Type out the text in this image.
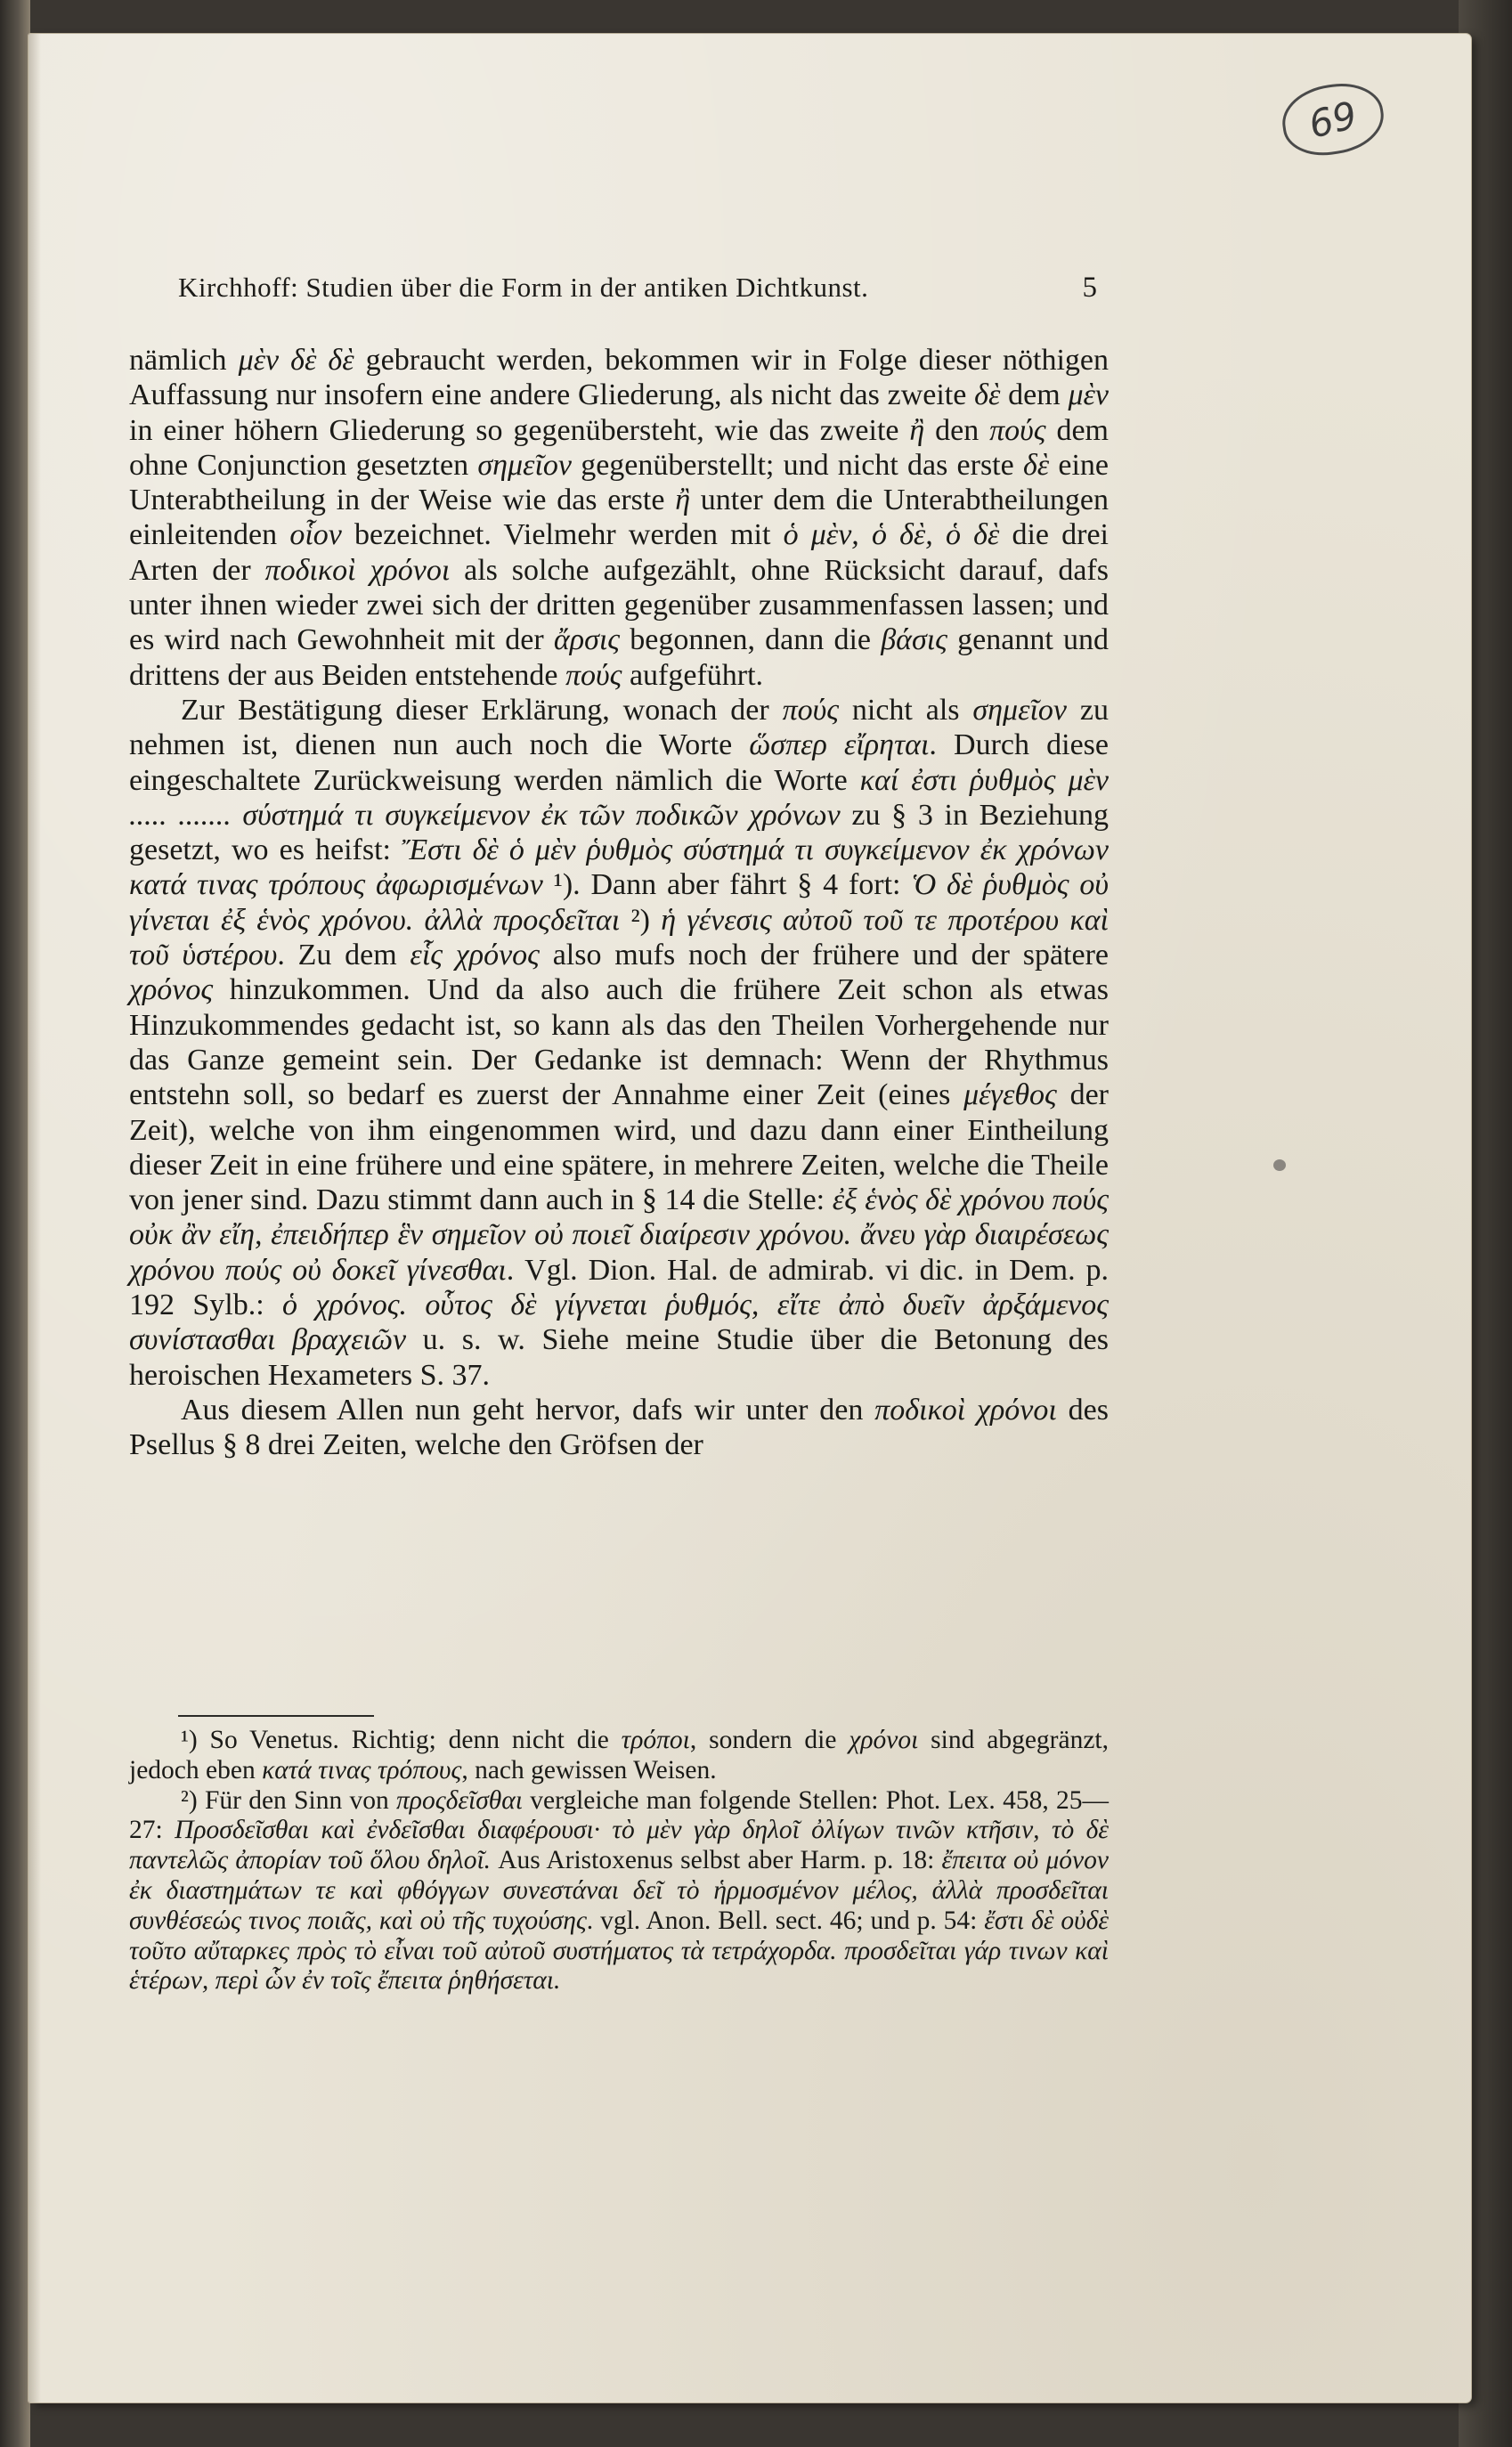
69
Kirchhoff: Studien über die Form in der antiken Dichtkunst.	5

nämlich μὲν δὲ δὲ gebraucht werden, bekommen wir in Folge dieser nöthigen Auffassung nur insofern eine andere Gliederung, als nicht das zweite δὲ dem μὲν in einer höhern Gliederung so gegenübersteht, wie das zweite ἢ den πούς dem ohne Conjunction gesetzten σημεῖον gegenüberstellt; und nicht das erste δὲ eine Unterabtheilung in der Weise wie das erste ἢ unter dem die Unterabtheilungen einleitenden οἷον bezeichnet. Vielmehr werden mit ὁ μὲν, ὁ δὲ, ὁ δὲ die drei Arten der ποδικοὶ χρόνοι als solche aufgezählt, ohne Rücksicht darauf, dafs unter ihnen wieder zwei sich der dritten gegenüber zusammenfassen lassen; und es wird nach Gewohnheit mit der ἄρσις begonnen, dann die βάσις genannt und drittens der aus Beiden entstehende πούς aufgeführt.

Zur Bestätigung dieser Erklärung, wonach der πούς nicht als σημεῖον zu nehmen ist, dienen nun auch noch die Worte ὥσπερ εἴρηται. Durch diese eingeschaltete Zurückweisung werden nämlich die Worte καί ἐστι ῥυθμὸς μὲν ..... ....... σύστημά τι συγκείμενον ἐκ τῶν ποδικῶν χρόνων zu § 3 in Beziehung gesetzt, wo es heifst: Ἔστι δὲ ὁ μὲν ῥυθμὸς σύστημά τι συγκείμενον ἐκ χρόνων κατά τινας τρόπους ἀφωρισμένων ¹). Dann aber fährt § 4 fort: Ὁ δὲ ῥυθμὸς οὐ γίνεται ἐξ ἑνὸς χρόνου. ἀλλὰ προςδεῖται ²) ἡ γένεσις αὐτοῦ τοῦ τε προτέρου καὶ τοῦ ὑστέρου. Zu dem εἷς χρόνος also mufs noch der frühere und der spätere χρόνος hinzukommen. Und da also auch die frühere Zeit schon als etwas Hinzukommendes gedacht ist, so kann als das den Theilen Vorhergehende nur das Ganze gemeint sein. Der Gedanke ist demnach: Wenn der Rhythmus entstehn soll, so bedarf es zuerst der Annahme einer Zeit (eines μέγεθος der Zeit), welche von ihm eingenommen wird, und dazu dann einer Eintheilung dieser Zeit in eine frühere und eine spätere, in mehrere Zeiten, welche die Theile von jener sind. Dazu stimmt dann auch in § 14 die Stelle: ἐξ ἑνὸς δὲ χρόνου πούς οὐκ ἂν εἴη, ἐπειδήπερ ἓν σημεῖον οὐ ποιεῖ διαίρεσιν χρόνου. ἄνευ γὰρ διαιρέσεως χρόνου πούς οὐ δοκεῖ γίνεσθαι. Vgl. Dion. Hal. de admirab. vi dic. in Dem. p. 192 Sylb.: ὁ χρόνος. οὗτος δὲ γίγνεται ῥυθμός, εἴτε ἀπὸ δυεῖν ἀρξάμενος συνίστασθαι βραχειῶν u. s. w. Siehe meine Studie über die Betonung des heroischen Hexameters S. 37.

Aus diesem Allen nun geht hervor, dafs wir unter den ποδικοὶ χρόνοι des Psellus § 8 drei Zeiten, welche den Gröfsen der

¹) So Venetus. Richtig; denn nicht die τρόποι, sondern die χρόνοι sind abgegränzt, jedoch eben κατά τινας τρόπους, nach gewissen Weisen.

²) Für den Sinn von προςδεῖσθαι vergleiche man folgende Stellen: Phot. Lex. 458, 25—27: Προσδεῖσθαι καὶ ἐνδεῖσθαι διαφέρουσι· τὸ μὲν γὰρ δηλοῖ ὀλίγων τινῶν κτῆσιν, τὸ δὲ παντελῶς ἀπορίαν τοῦ ὅλου δηλοῖ. Aus Aristoxenus selbst aber Harm. p. 18: ἔπειτα οὐ μόνον ἐκ διαστημάτων τε καὶ φθόγγων συνεστάναι δεῖ τὸ ἡρμοσμένον μέλος, ἀλλὰ προσδεῖται συνθέσεώς τινος ποιᾶς, καὶ οὐ τῆς τυχούσης. vgl. Anon. Bell. sect. 46; und p. 54: ἔστι δὲ οὐδὲ τοῦτο αὔταρκες πρὸς τὸ εἶναι τοῦ αὐτοῦ συστήματος τὰ τετράχορδα. προσδεῖται γάρ τινων καὶ ἑτέρων, περὶ ὧν ἐν τοῖς ἔπειτα ῥηθήσεται.
